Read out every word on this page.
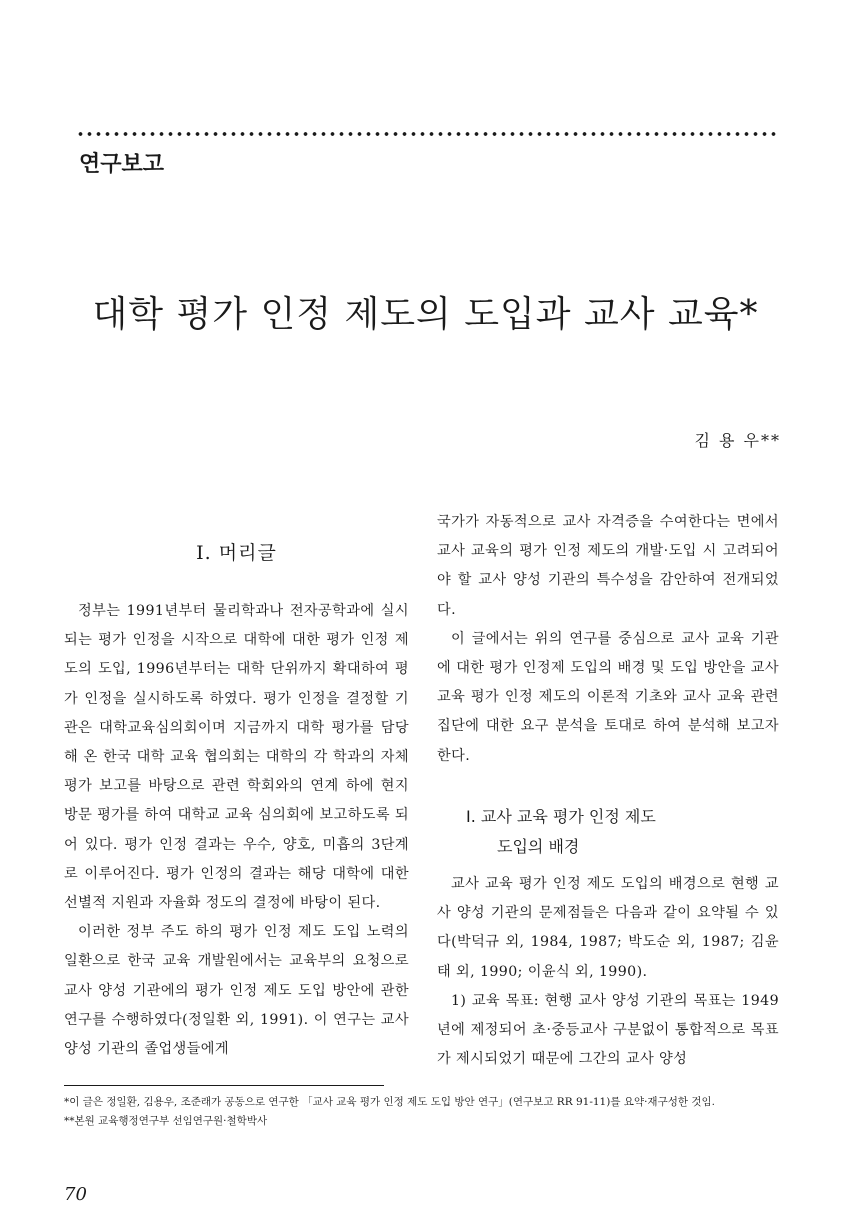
연구보고
대학 평가 인정 제도의 도입과 교사 교육*
김 용 우**
I. 머리글

정부는 1991년부터 물리학과나 전자공학과에 실시되는 평가 인정을 시작으로 대학에 대한 평가 인정 제도의 도입, 1996년부터는 대학 단위까지 확대하여 평가 인정을 실시하도록 하였다. 평가 인정을 결정할 기관은 대학교육심의회이며 지금까지 대학 평가를 담당해 온 한국 대학 교육 협의회는 대학의 각 학과의 자체 평가 보고를 바탕으로 관련 학회와의 연계 하에 현지 방문 평가를 하여 대학교 교육 심의회에 보고하도록 되어 있다. 평가 인정 결과는 우수, 양호, 미흡의 3단계로 이루어진다. 평가 인정의 결과는 해당 대학에 대한 선별적 지원과 자율화 정도의 결정에 바탕이 된다.

이러한 정부 주도 하의 평가 인정 제도 도입 노력의 일환으로 한국 교육 개발원에서는 교육부의 요청으로 교사 양성 기관에의 평가 인정 제도 도입 방안에 관한 연구를 수행하였다(정일환 외, 1991). 이 연구는 교사 양성 기관의 졸업생들에게

국가가 자동적으로 교사 자격증을 수여한다는 면에서 교사 교육의 평가 인정 제도의 개발·도입 시 고려되어야 할 교사 양성 기관의 특수성을 감안하여 전개되었다.

이 글에서는 위의 연구를 중심으로 교사 교육 기관에 대한 평가 인정제 도입의 배경 및 도입 방안을 교사 교육 평가 인정 제도의 이론적 기초와 교사 교육 관련 집단에 대한 요구 분석을 토대로 하여 분석해 보고자 한다.

Ⅰ. 교사 교육 평가 인정 제도
도입의 배경

교사 교육 평가 인정 제도 도입의 배경으로 현행 교사 양성 기관의 문제점들은 다음과 같이 요약될 수 있다(박덕규 외, 1984, 1987; 박도순 외, 1987; 김윤태 외, 1990; 이윤식 외, 1990).

1) 교육 목표: 현행 교사 양성 기관의 목표는 1949년에 제정되어 초·중등교사 구분없이 통합적으로 목표가 제시되었기 때문에 그간의 교사 양성

*이 글은 정일환, 김용우, 조준래가 공동으로 연구한 「교사 교육 평가 인정 제도 도입 방안 연구」(연구보고 RR 91-11)를 요약·재구성한 것임.
**본원 교육행정연구부 선임연구원·철학박사
70
